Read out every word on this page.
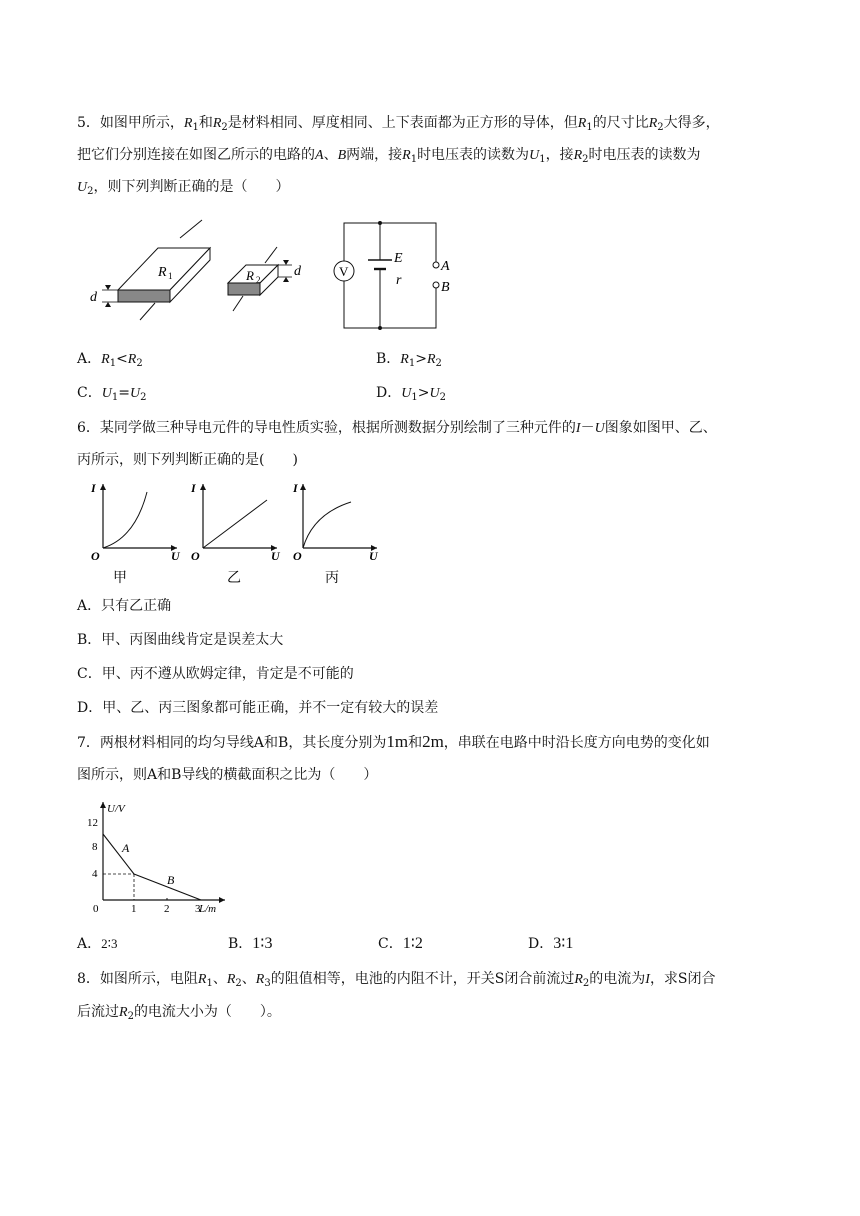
5．如图甲所示，$R_1$和$R_2$是材料相同、厚度相同、上下表面都为正方形的导体，但$R_1$的尺寸比$R_2$大得多，
把它们分别连接在如图乙所示的电路的A、B两端，接$R_1$时电压表的读数为$U_1$，接$R_2$时电压表的读数为
$U_2$，则下列判断正确的是（　　）
R 1
d
R 2
d
E
r
V	A
B
A．$R_1<R_2$	B．$R_1>R_2$
C．$U_1=U_2$	D．$U_1>U_2$
6．某同学做三种导电元件的导电性质实验，根据所测数据分别绘制了三种元件的I－U图象如图甲、乙、
丙所示，则下列判断正确的是(　　)
I
O	U
甲
I
O	U
乙
I
O	U
丙
A．只有乙正确
B．甲、丙图曲线肯定是误差太大
C．甲、丙不遵从欧姆定律，肯定是不可能的
D．甲、乙、丙三图象都可能正确，并不一定有较大的误差
7．两根材料相同的均匀导线A和B，其长度分别为1m和2m，串联在电路中时沿长度方向电势的变化如
图所示，则A和B导线的横截面积之比为（　　）
U/V
L/m
12
8
4
0	1	2 3
A
B
A．2∶3	B．1∶3	C．1∶2	D．3∶1
8．如图所示，电阻$R_1$、$R_2$、$R_3$的阻值相等，电池的内阻不计，开关S闭合前流过$R_2$的电流为I，求S闭合
后流过$R_2$的电流大小为（　　）。
